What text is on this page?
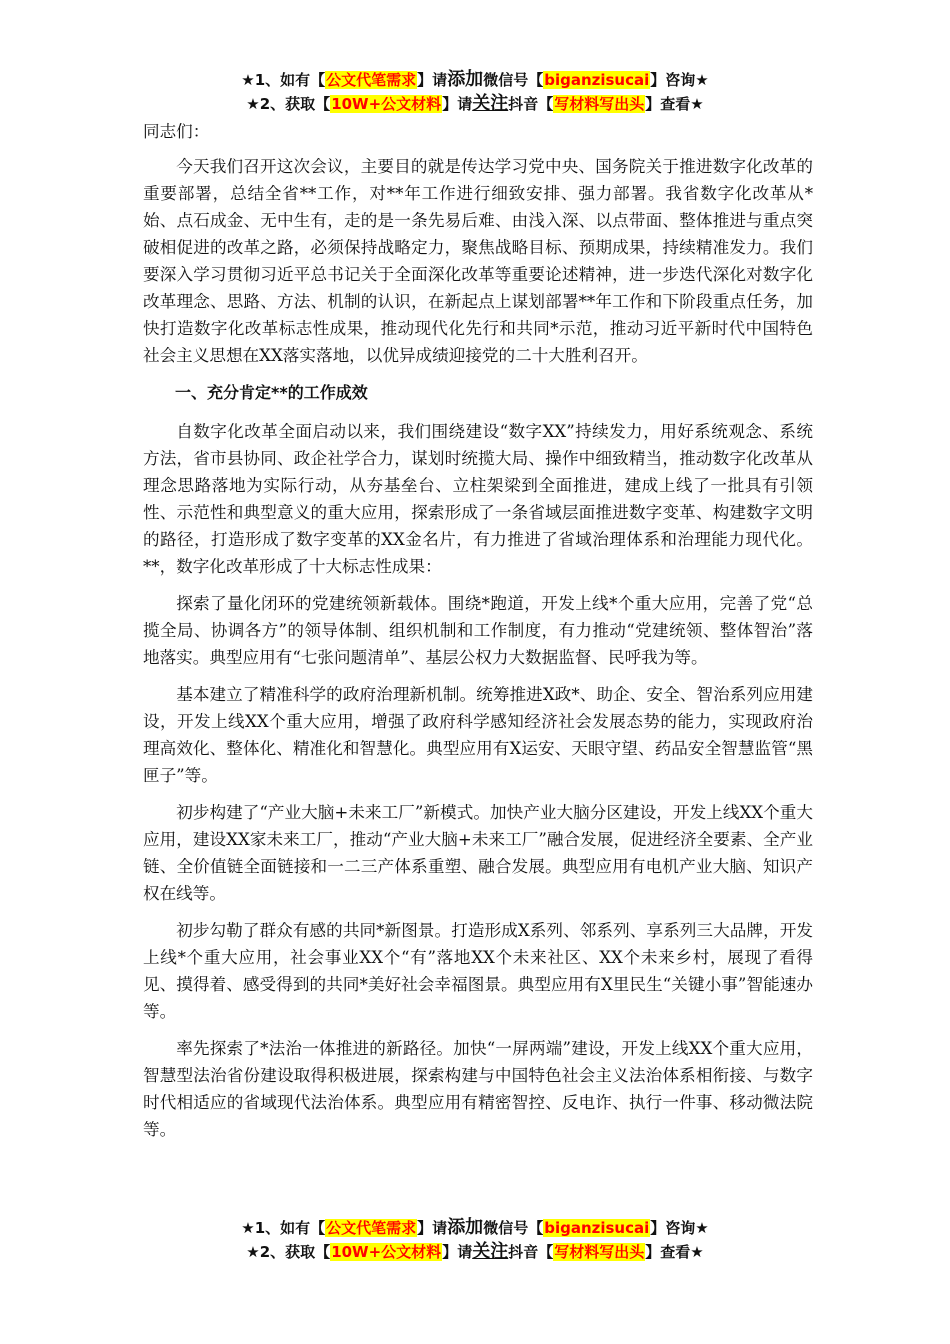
★1、如有【公文代笔需求】请添加微信号【biganzisucai】咨询★
★2、获取【10W+公文材料】请关注抖音【写材料写出头】查看★

同志们：

今天我们召开这次会议，主要目的就是传达学习党中央、国务院关于推进数字化改革的重要部署，总结全省**工作，对**年工作进行细致安排、强力部署。我省数字化改革从*始、点石成金、无中生有，走的是一条先易后难、由浅入深、以点带面、整体推进与重点突破相促进的改革之路，必须保持战略定力，聚焦战略目标、预期成果，持续精准发力。我们要深入学习贯彻习近平总书记关于全面深化改革等重要论述精神，进一步迭代深化对数字化改革理念、思路、方法、机制的认识，在新起点上谋划部署**年工作和下阶段重点任务，加快打造数字化改革标志性成果，推动现代化先行和共同*示范，推动习近平新时代中国特色社会主义思想在XX落实落地，以优异成绩迎接党的二十大胜利召开。

一、充分肯定**的工作成效

自数字化改革全面启动以来，我们围绕建设“数字XX”持续发力，用好系统观念、系统方法，省市县协同、政企社学合力，谋划时统揽大局、操作中细致精当，推动数字化改革从理念思路落地为实际行动，从夯基垒台、立柱架梁到全面推进，建成上线了一批具有引领性、示范性和典型意义的重大应用，探索形成了一条省域层面推进数字变革、构建数字文明的路径，打造形成了数字变革的XX金名片，有力推进了省域治理体系和治理能力现代化。**，数字化改革形成了十大标志性成果：

探索了量化闭环的党建统领新载体。围绕*跑道，开发上线*个重大应用，完善了党“总揽全局、协调各方”的领导体制、组织机制和工作制度，有力推动“党建统领、整体智治”落地落实。典型应用有“七张问题清单”、基层公权力大数据监督、民呼我为等。

基本建立了精准科学的政府治理新机制。统筹推进X政*、助企、安全、智治系列应用建设，开发上线XX个重大应用，增强了政府科学感知经济社会发展态势的能力，实现政府治理高效化、整体化、精准化和智慧化。典型应用有X运安、天眼守望、药品安全智慧监管“黑匣子”等。

初步构建了“产业大脑+未来工厂”新模式。加快产业大脑分区建设，开发上线XX个重大应用，建设XX家未来工厂，推动“产业大脑+未来工厂”融合发展，促进经济全要素、全产业链、全价值链全面链接和一二三产体系重塑、融合发展。典型应用有电机产业大脑、知识产权在线等。

初步勾勒了群众有感的共同*新图景。打造形成X系列、邻系列、享系列三大品牌，开发上线*个重大应用，社会事业XX个“有”落地XX个未来社区、XX个未来乡村，展现了看得见、摸得着、感受得到的共同*美好社会幸福图景。典型应用有X里民生“关键小事”智能速办等。

率先探索了*法治一体推进的新路径。加快“一屏两端”建设，开发上线XX个重大应用，智慧型法治省份建设取得积极进展，探索构建与中国特色社会主义法治体系相衔接、与数字时代相适应的省域现代法治体系。典型应用有精密智控、反电诈、执行一件事、移动微法院等。

★1、如有【公文代笔需求】请添加微信号【biganzisucai】咨询★
★2、获取【10W+公文材料】请关注抖音【写材料写出头】查看★
